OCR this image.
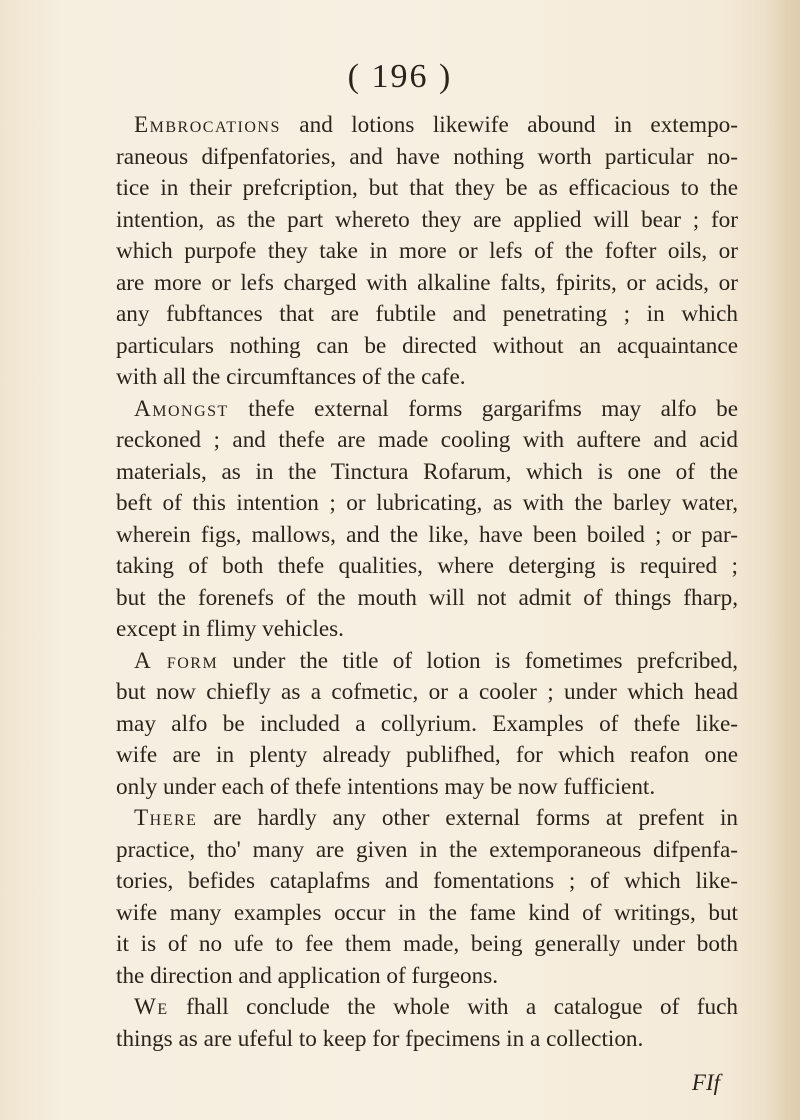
( 196 )
Embrocations and lotions likewife abound in extempo-
raneous difpenfatories, and have nothing worth particular no-
tice in their prefcription, but that they be as efficacious to the
intention, as the part whereto they are applied will bear ; for
which purpofe they take in more or lefs of the fofter oils, or
are more or lefs charged with alkaline falts, fpirits, or acids, or
any fubftances that are fubtile and penetrating ; in which
particulars nothing can be directed without an acquaintance
with all the circumftances of the cafe.
Amongst thefe external forms gargarifms may alfo be
reckoned ; and thefe are made cooling with auftere and acid
materials, as in the Tinctura Rofarum, which is one of the
beft of this intention ; or lubricating, as with the barley water,
wherein figs, mallows, and the like, have been boiled ; or par-
taking of both thefe qualities, where deterging is required ;
but the forenefs of the mouth will not admit of things fharp,
except in flimy vehicles.
A form under the title of lotion is fometimes prefcribed,
but now chiefly as a cofmetic, or a cooler ; under which head
may alfo be included a collyrium. Examples of thefe like-
wife are in plenty already publifhed, for which reafon one
only under each of thefe intentions may be now fufficient.
There are hardly any other external forms at prefent in
practice, tho' many are given in the extemporaneous difpenfa-
tories, befides cataplafms and fomentations ; of which like-
wife many examples occur in the fame kind of writings, but
it is of no ufe to fee them made, being generally under both
the direction and application of furgeons.
We fhall conclude the whole with a catalogue of fuch
things as are ufeful to keep for fpecimens in a collection.
FIf
